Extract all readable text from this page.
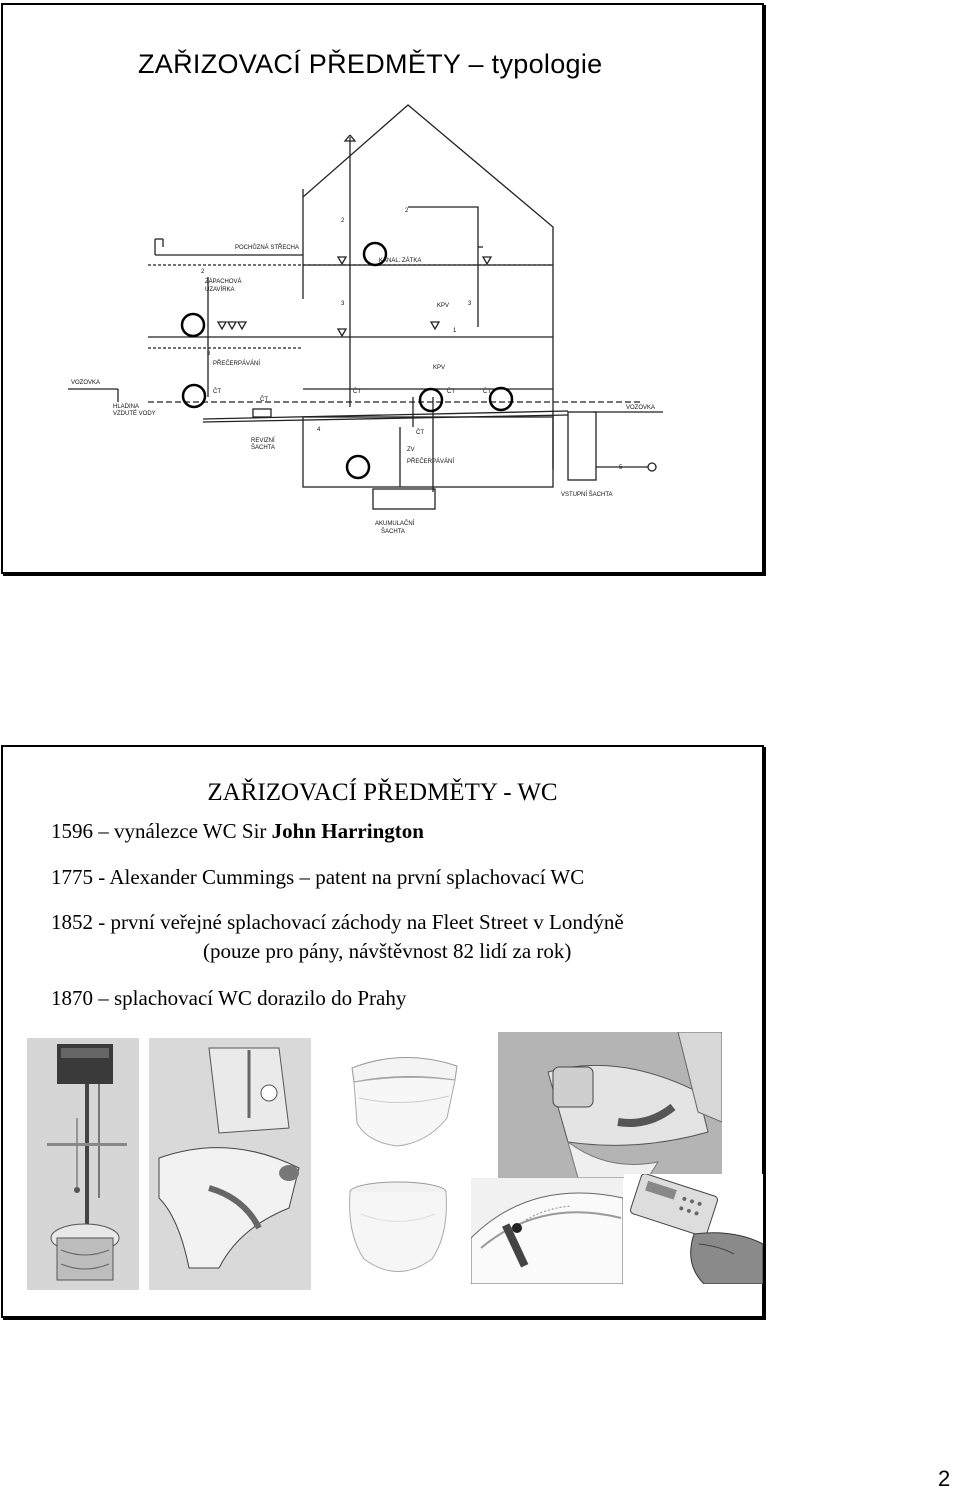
ZAŘIZOVACÍ PŘEDMĚTY – typologie
POCHŮZNÁ STŘECHA
KANAL. ZÁTKA
ZÁPACHOVÁ
UZAVÍRKA
KPV
KPV
PŘEČERPÁVÁNÍ
VOZOVKA
VOZOVKA
HLADINA
VZDUTÉ VODY
ČT
ČT
ČT	ČT	ČT
ČT
REVIZNÍ
ŠACHTA	ZV
PŘEČERPÁVÁNÍ
VSTUPNÍ ŠACHTA
AKUMULAČNÍ
ŠACHTA
2
2
2
3	3
3
1
4
5
ZAŘIZOVACÍ PŘEDMĚTY - WC
1596 – vynálezce WC Sir John Harrington
1775 - Alexander Cummings – patent na první splachovací WC
1852 - první veřejné splachovací záchody na Fleet Street v Londýně
(pouze pro pány, návštěvnost 82 lidí za rok)
1870 – splachovací WC dorazilo do Prahy
2
